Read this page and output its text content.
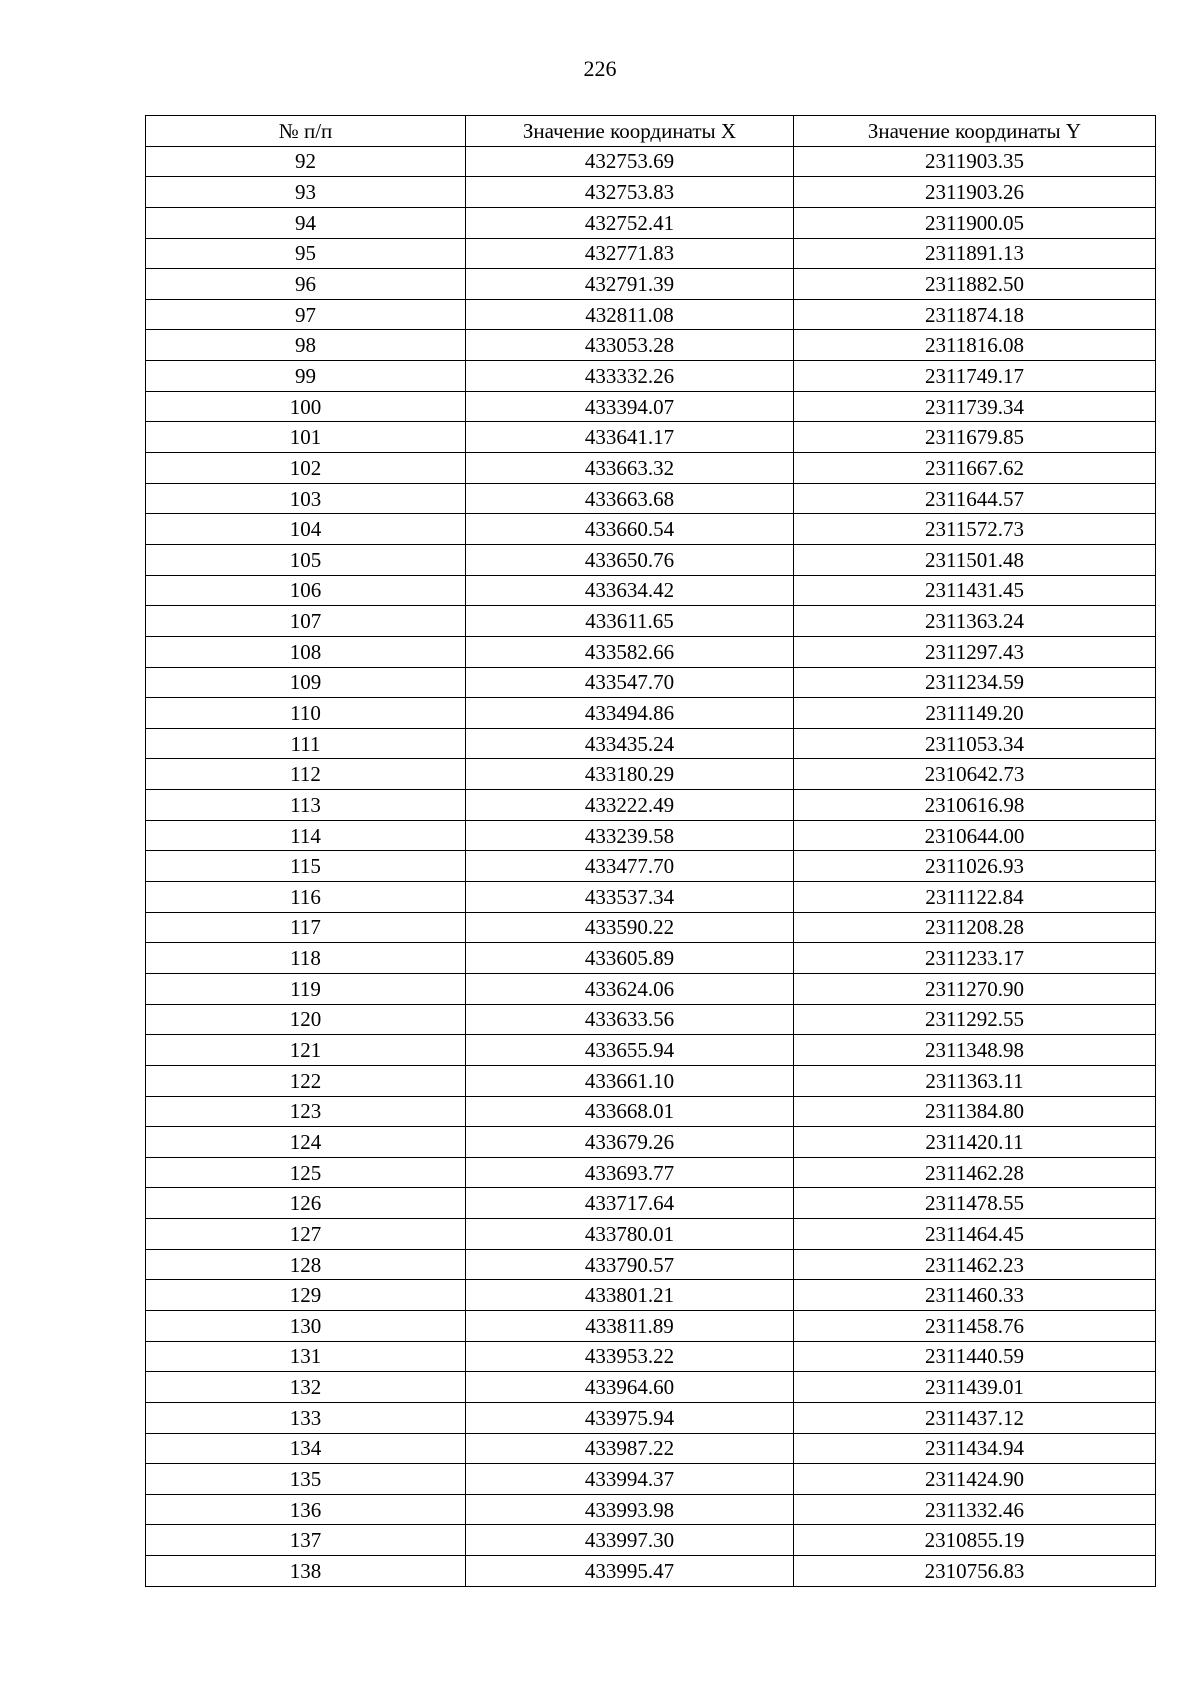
226
№ п/п	Значение координаты X	Значение координаты Y
92	432753.69	2311903.35
93	432753.83	2311903.26
94	432752.41	2311900.05
95	432771.83	2311891.13
96	432791.39	2311882.50
97	432811.08	2311874.18
98	433053.28	2311816.08
99	433332.26	2311749.17
100	433394.07	2311739.34
101	433641.17	2311679.85
102	433663.32	2311667.62
103	433663.68	2311644.57
104	433660.54	2311572.73
105	433650.76	2311501.48
106	433634.42	2311431.45
107	433611.65	2311363.24
108	433582.66	2311297.43
109	433547.70	2311234.59
110	433494.86	2311149.20
111	433435.24	2311053.34
112	433180.29	2310642.73
113	433222.49	2310616.98
114	433239.58	2310644.00
115	433477.70	2311026.93
116	433537.34	2311122.84
117	433590.22	2311208.28
118	433605.89	2311233.17
119	433624.06	2311270.90
120	433633.56	2311292.55
121	433655.94	2311348.98
122	433661.10	2311363.11
123	433668.01	2311384.80
124	433679.26	2311420.11
125	433693.77	2311462.28
126	433717.64	2311478.55
127	433780.01	2311464.45
128	433790.57	2311462.23
129	433801.21	2311460.33
130	433811.89	2311458.76
131	433953.22	2311440.59
132	433964.60	2311439.01
133	433975.94	2311437.12
134	433987.22	2311434.94
135	433994.37	2311424.90
136	433993.98	2311332.46
137	433997.30	2310855.19
138	433995.47	2310756.83
